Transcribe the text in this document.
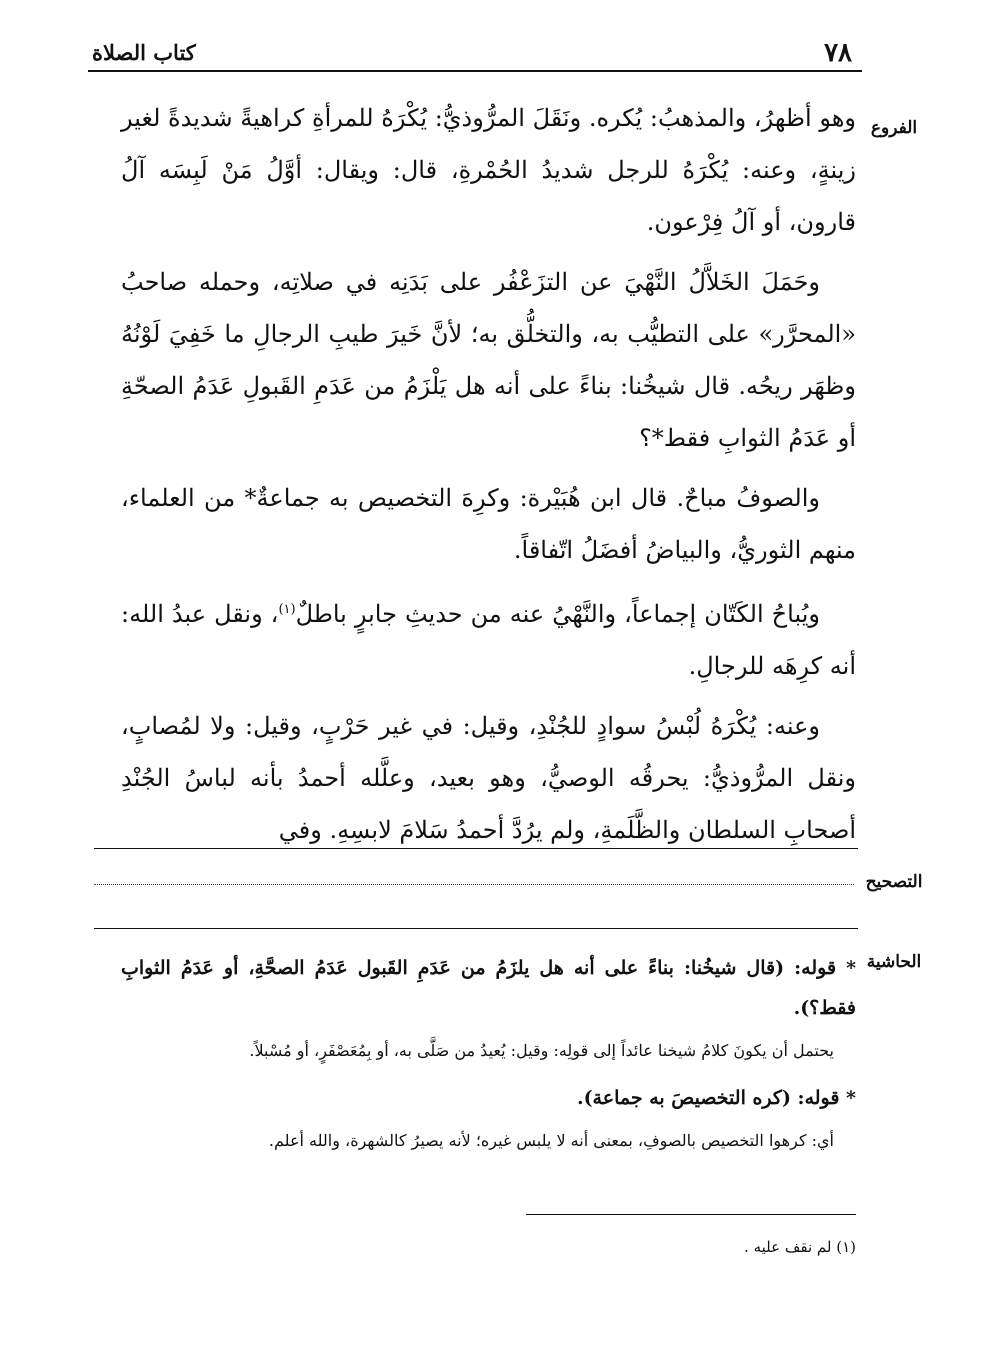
٧٨
كتاب الصلاة
الفروع

وهو أظهرُ، والمذهبُ: يُكره. ونَقَلَ المرُّوذيُّ: يُكْرَهُ للمرأةِ كراهيةً شديدةً لغير زينةٍ، وعنه: يُكْرَهُ للرجل شديدُ الحُمْرةِ، قال: ويقال: أوَّلُ مَنْ لَبِسَه آلُ قارون، أو آلُ فِرْعون.

وحَمَلَ الخَلاَّلُ النَّهْيَ عن التزَعْفُر على بَدَنِه في صلاتِه، وحمله صاحبُ «المحرَّر» على التطيُّب به، والتخلُّق به؛ لأنَّ خَيرَ طيبِ الرجالِ ما خَفِيَ لَوْنُهُ وظهَر ريحُه. قال شيخُنا: بناءً على أنه هل يَلْزَمُ من عَدَمِ القَبولِ عَدَمُ الصحّةِ أو عَدَمُ الثوابِ فقط*؟

والصوفُ مباحٌ. قال ابن هُبَيْرة: وكرِهَ التخصيص به جماعةٌ* من العلماء، منهم الثوريُّ، والبياضُ أفضَلُ اتّفاقاً.

ويُباحُ الكَتّان إجماعاً، والنَّهْيُ عنه من حديثِ جابرٍ باطلٌ$^{(١)}$، ونقل عبدُ الله: أنه كرِهَه للرجالِ.

وعنه: يُكْرَهُ لُبْسُ سوادٍ للجُنْدِ، وقيل: في غير حَرْبٍ، وقيل: ولا لمُصابٍ، ونقل المرُّوذيُّ: يحرقُه الوصيُّ، وهو بعيد، وعلَّله أحمدُ بأنه لباسُ الجُنْدِ أصحابِ السلطان والظَّلَمةِ، ولم يرُدَّ أحمدُ سَلامَ لابسِهِ. وفي

التصحيح
الحاشية

* قوله: (قال شيخُنا: بناءً على أنه هل يلزَمُ من عَدَمِ القَبول عَدَمُ الصحَّةِ، أو عَدَمُ الثوابِ فقط؟).

يحتمل أن يكونَ كلامُ شيخنا عائداً إلى قولِه: وقيل: يُعيدُ من صَلَّى به، أو بِمُعَصْفَرٍ، أو مُسْبلاً.

* قوله: (كره التخصيصَ به جماعة).

أي: كرهوا التخصيص بالصوفِ، بمعنى أنه لا يلبس غيره؛ لأنه يصيرُ كالشهرة، والله أعلم.

(١) لم نقف عليه .
